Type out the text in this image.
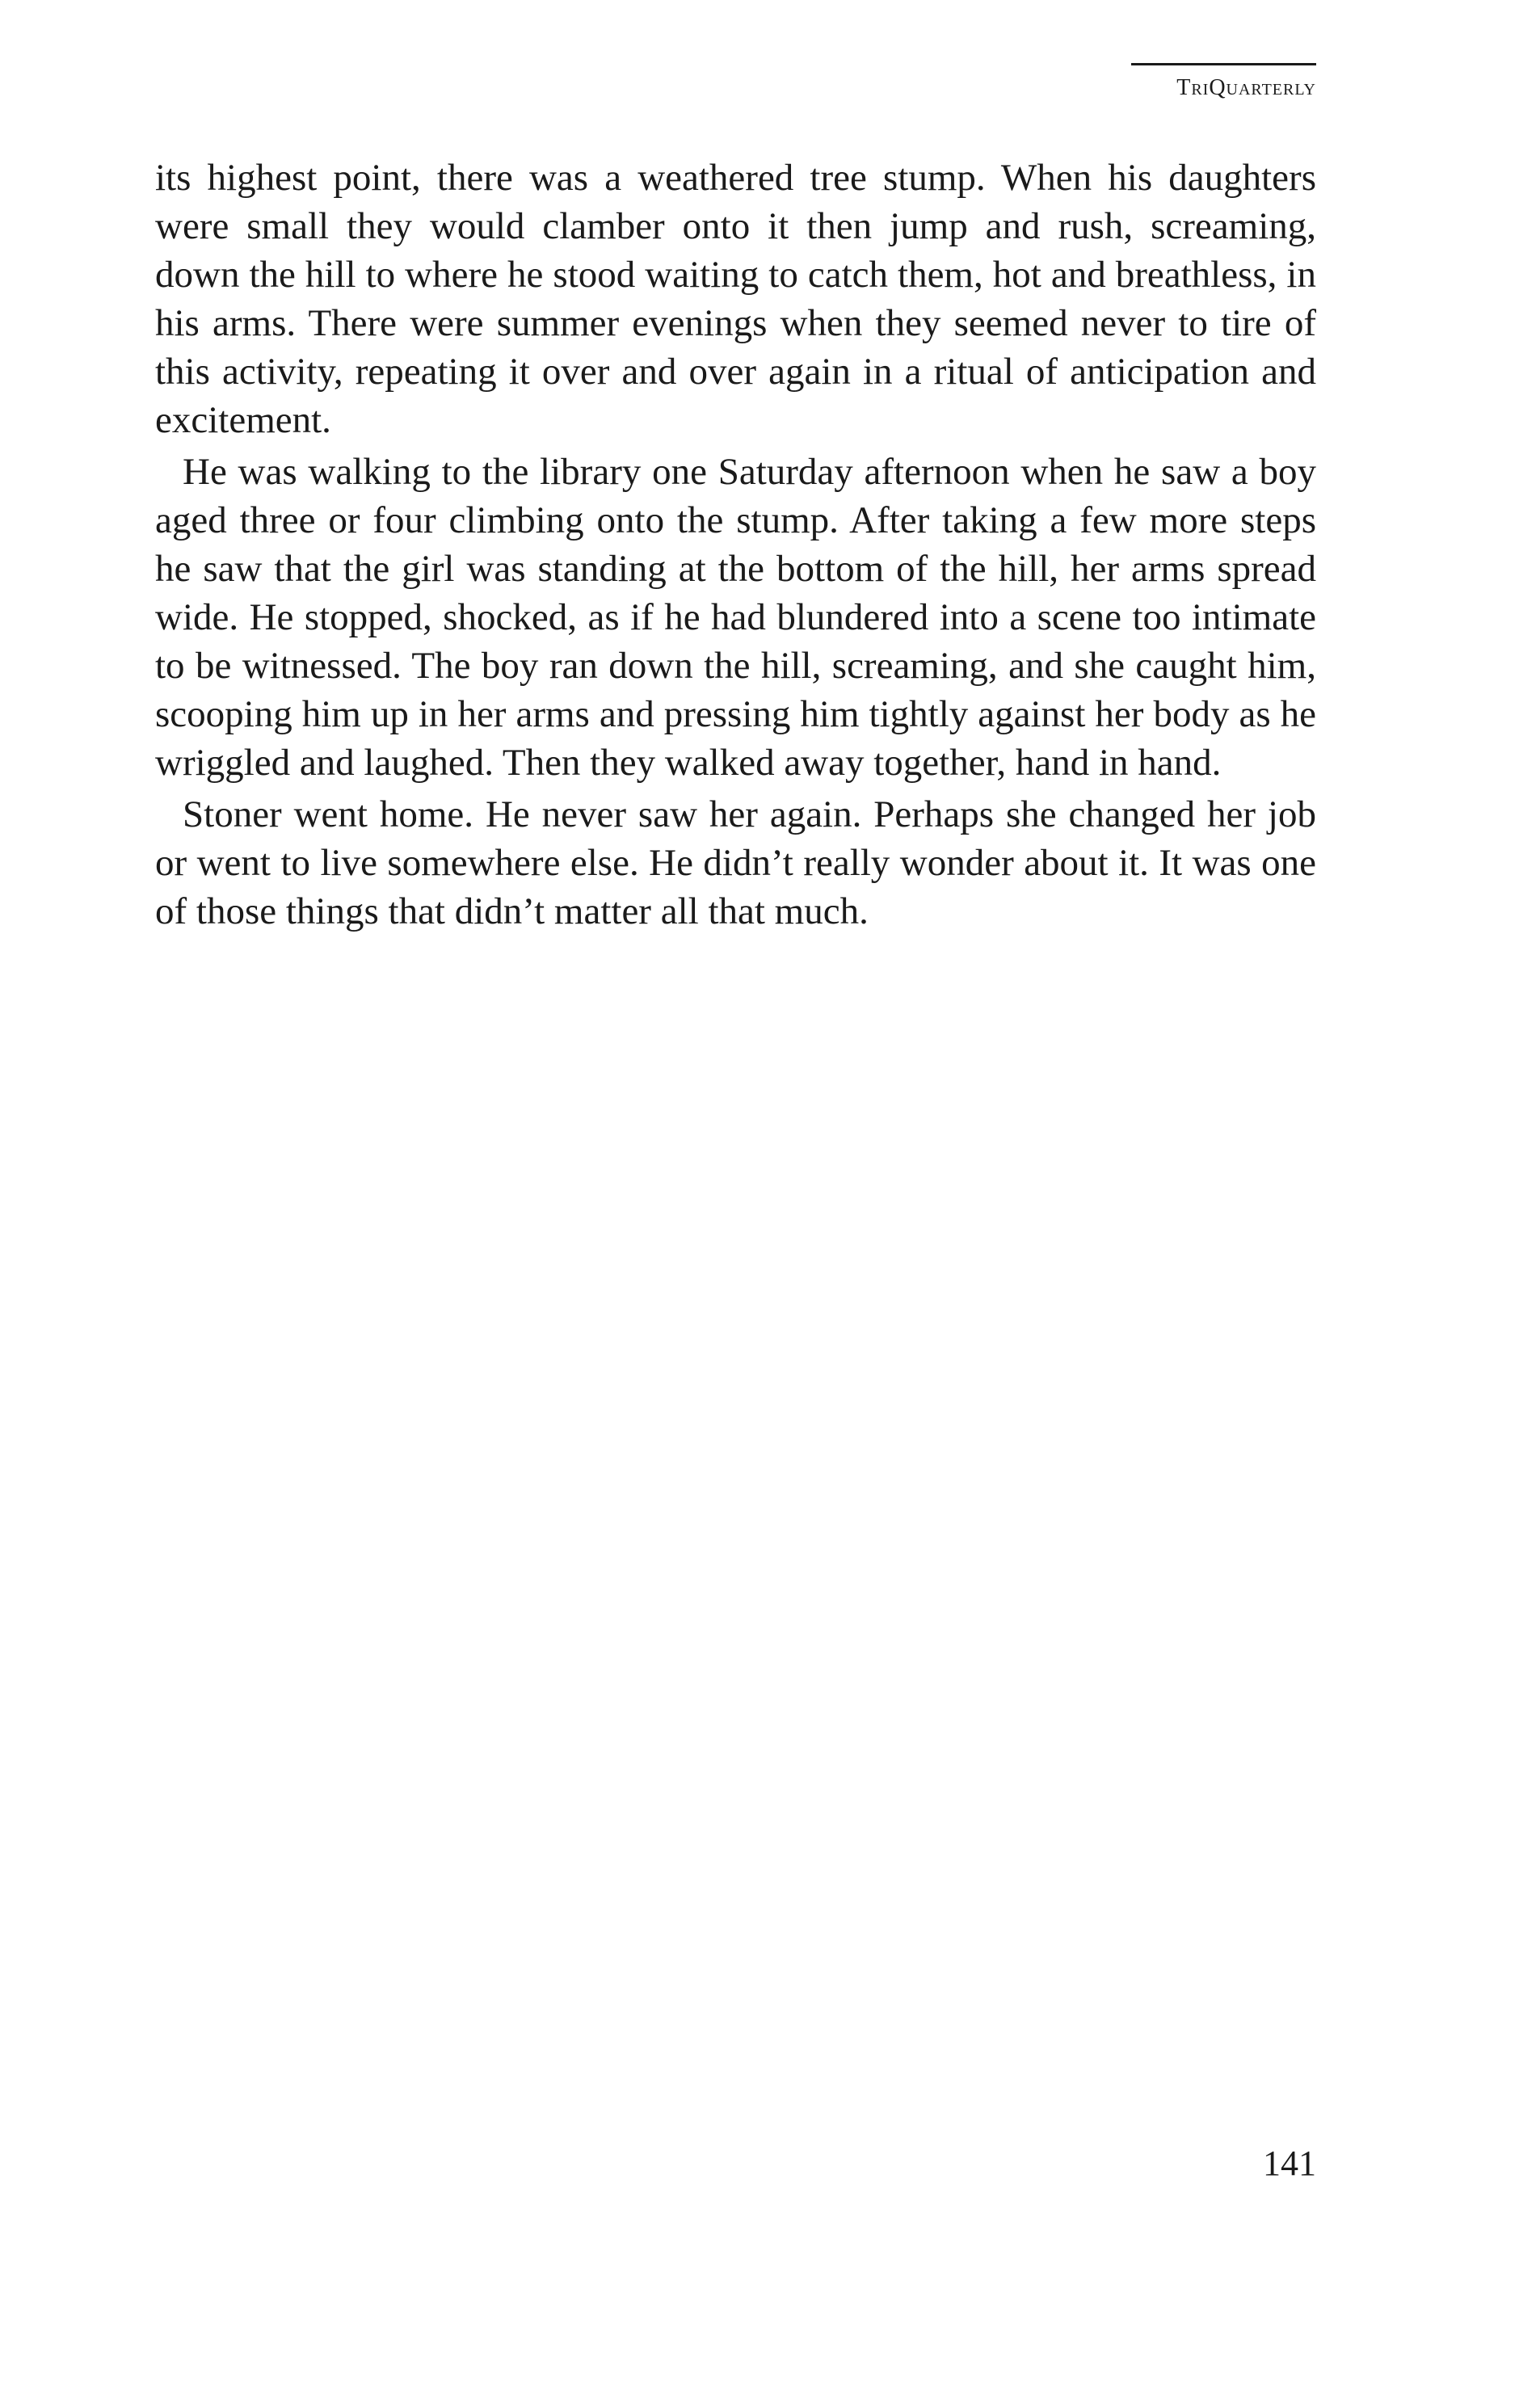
TriQuarterly

its highest point, there was a weathered tree stump. When his daughters were small they would clamber onto it then jump and rush, screaming, down the hill to where he stood waiting to catch them, hot and breathless, in his arms. There were summer evenings when they seemed never to tire of this activity, repeating it over and over again in a ritual of anticipation and excitement.

He was walking to the library one Saturday afternoon when he saw a boy aged three or four climbing onto the stump. After taking a few more steps he saw that the girl was standing at the bottom of the hill, her arms spread wide. He stopped, shocked, as if he had blundered into a scene too intimate to be witnessed. The boy ran down the hill, screaming, and she caught him, scooping him up in her arms and pressing him tightly against her body as he wriggled and laughed. Then they walked away together, hand in hand.

Stoner went home. He never saw her again. Perhaps she changed her job or went to live somewhere else. He didn’t really wonder about it. It was one of those things that didn’t matter all that much.

141
